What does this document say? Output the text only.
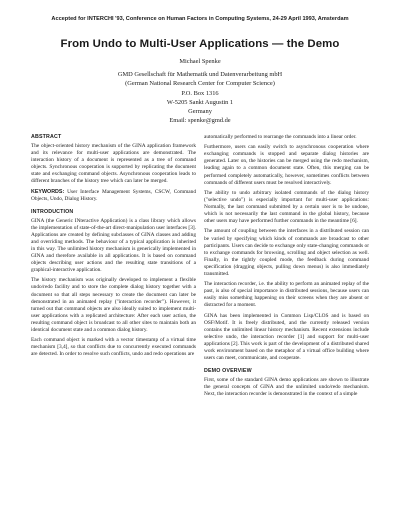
Accepted for INTERCHI '93, Conference on Human Factors in Computing Systems, 24-29 April 1993, Amsterdam
From Undo to Multi-User Applications — the Demo
Michael Spenke
GMD Gesellschaft für Mathematik und Datenverarbeitung mbH
(German National Research Center for Computer Science)
P.O. Box 1316
W-5205 Sankt Augustin 1
Germany
Email: spenke@gmd.de
ABSTRACT

The object-oriented history mechanism of the GINA application framework and its relevance for multi-user applications are demonstrated. The interaction history of a document is represented as a tree of command objects. Synchronous cooperation is supported by replicating the document state and exchanging command objects. Asynchronous cooperation leads to different branches of the history tree which can later be merged.

KEYWORDS: User Interface Management Systems, CSCW, Command Objects, Undo, Dialog History.

INTRODUCTION

GINA (the Generic INteractive Application) is a class library which allows the implementation of state-of-the-art direct-manipulation user interfaces [3]. Applications are created by defining subclasses of GINA classes and adding and overriding methods. The behaviour of a typical application is inherited in this way. The unlimited history mechanism is generically implemented in GINA and therefore available in all applications. It is based on command objects describing user actions and the resulting state transitions of a graphical-interactive application.

The history mechanism was originally developed to implement a flexible undo/redo facility and to store the complete dialog history together with a document so that all steps necessary to create the document can later be demonstrated in an animated replay ("interaction recorder"). However, it turned out that command objects are also ideally suited to implement multi-user applications with a replicated architecture: After each user action, the resulting command object is broadcast to all other sites to maintain both an identical document state and a common dialog history.

Each command object is marked with a vector timestamp of a virtual time mechanism [3,4], so that conflicts due to concurrently executed commands are detected. In order to resolve such conflicts, undo and redo operations are

automatically performed to rearrange the commands into a linear order.

Furthermore, users can easily switch to asynchronous cooperation where exchanging commands is stopped and separate dialog histories are generated. Later on, the histories can be merged using the redo mechanism, leading again to a common document state. Often, this merging can be performed completely automatically, however, sometimes conflicts between commands of different users must be resolved interactively.

The ability to undo arbitrary isolated commands of the dialog history ("selective undo") is especially important for multi-user applications: Normally, the last command submitted by a certain user is to be undone, which is not necessarily the last command in the global history, because other users may have performed further commands in the meantime [6].

The amount of coupling between the interfaces in a distributed session can be varied by specifying which kinds of commands are broadcast to other participants. Users can decide to exchange only state-changing commands or to exchange commands for browsing, scrolling and object selection as well. Finally, in the tightly coupled mode, the feedback during command specification (dragging objects, pulling down menus) is also immediately transmitted.

The interaction recorder, i.e. the ability to perform an animated replay of the past, is also of special importance in distributed sessions, because users can easily miss something happening on their screens when they are absent or distracted for a moment.

GINA has been implemented in Common Lisp/CLOS and is based on OSF/Motif. It is freely distributed, and the currently released version contains the unlimited linear history mechanism. Recent extensions include selective undo, the interaction recorder [1] and support for multi-user applications [2]. This work is part of the development of a distributed shared work environment based on the metaphor of a virtual office building where users can meet, communicate, and cooperate.

DEMO OVERVIEW

First, some of the standard GINA demo applications are shown to illustrate the general concepts of GINA and the unlimited undo/redo mechanism. Next, the interaction recorder is demonstrated in the context of a simple
